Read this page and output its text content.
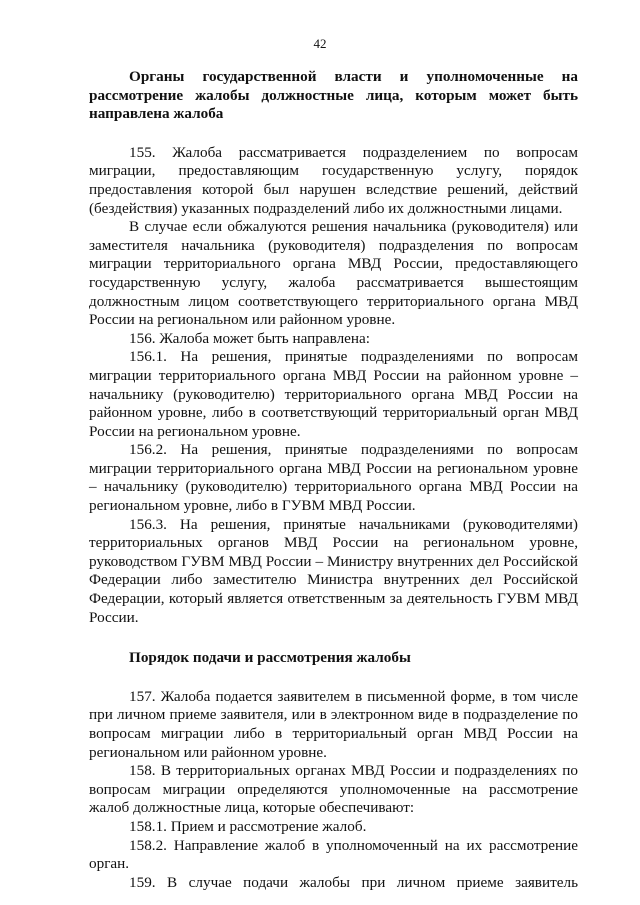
42
Органы государственной власти и уполномоченные на рассмотрение жалобы должностные лица, которым может быть направлена жалоба

155. Жалоба рассматривается подразделением по вопросам миграции, предоставляющим государственную услугу, порядок предоставления которой был нарушен вследствие решений, действий (бездействия) указанных подразделений либо их должностными лицами.

В случае если обжалуются решения начальника (руководителя) или заместителя начальника (руководителя) подразделения по вопросам миграции территориального органа МВД России, предоставляющего государственную услугу, жалоба рассматривается вышестоящим должностным лицом соответствующего территориального органа МВД России на региональном или районном уровне.

156. Жалоба может быть направлена:

156.1. На решения, принятые подразделениями по вопросам миграции территориального органа МВД России на районном уровне – начальнику (руководителю) территориального органа МВД России на районном уровне, либо в соответствующий территориальный орган МВД России на региональном уровне.

156.2. На решения, принятые подразделениями по вопросам миграции территориального органа МВД России на региональном уровне – начальнику (руководителю) территориального органа МВД России на региональном уровне, либо в ГУВМ МВД России.

156.3. На решения, принятые начальниками (руководителями) территориальных органов МВД России на региональном уровне, руководством ГУВМ МВД России – Министру внутренних дел Российской Федерации либо заместителю Министра внутренних дел Российской Федерации, который является ответственным за деятельность ГУВМ МВД России.

Порядок подачи и рассмотрения жалобы

157. Жалоба подается заявителем в письменной форме, в том числе при личном приеме заявителя, или в электронном виде в подразделение по вопросам миграции либо в территориальный орган МВД России на региональном или районном уровне.

158. В территориальных органах МВД России и подразделениях по вопросам миграции определяются уполномоченные на рассмотрение жалоб должностные лица, которые обеспечивают:

158.1. Прием и рассмотрение жалоб.

158.2. Направление жалоб в уполномоченный на их рассмотрение орган.

159. В случае подачи жалобы при личном приеме заявитель
